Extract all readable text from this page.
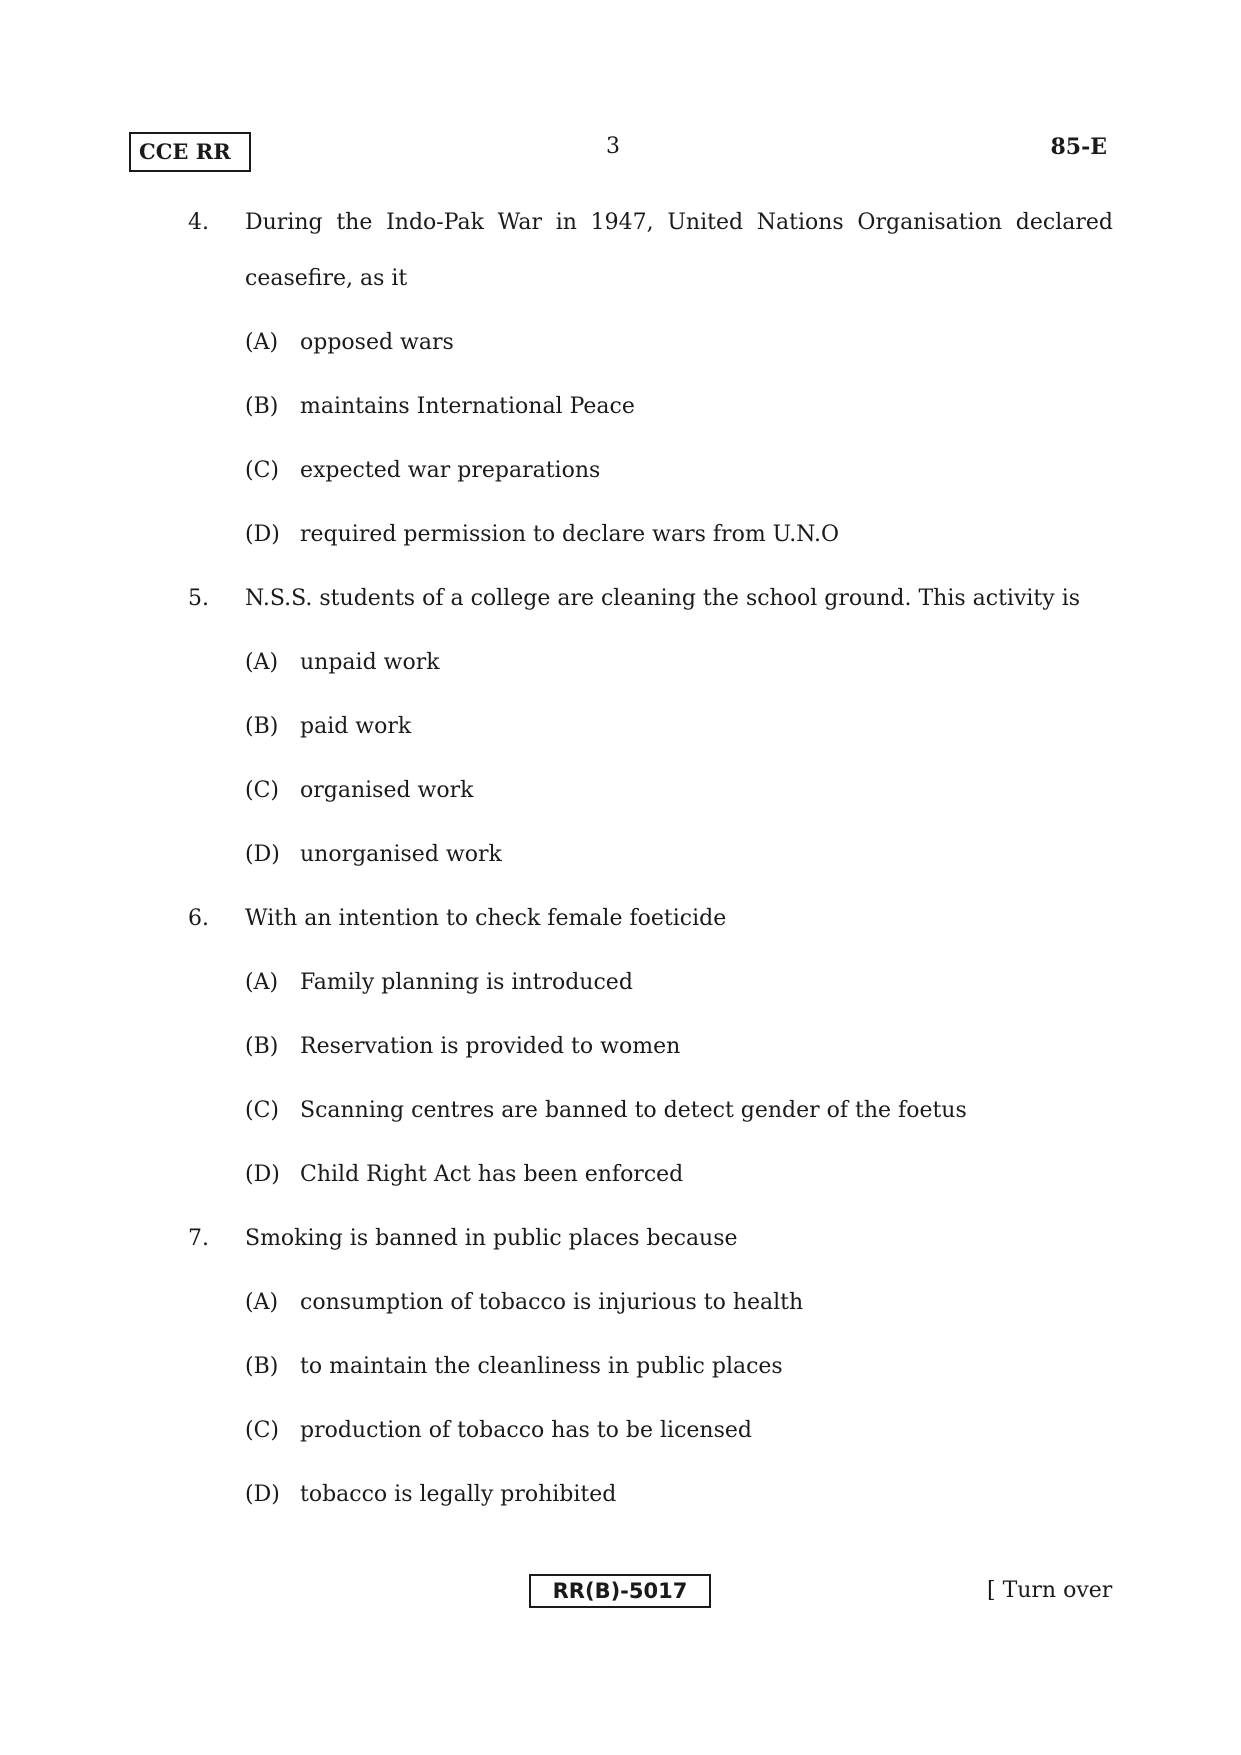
CCE RR	3	85-E
4. During the Indo-Pak War in 1947, United Nations Organisation declared
ceasefire, as it
(A) opposed wars
(B) maintains International Peace
(C) expected war preparations
(D) required permission to declare wars from U.N.O
5. N.S.S. students of a college are cleaning the school ground. This activity is
(A) unpaid work
(B) paid work
(C) organised work
(D) unorganised work
6. With an intention to check female foeticide
(A) Family planning is introduced
(B) Reservation is provided to women
(C) Scanning centres are banned to detect gender of the foetus
(D) Child Right Act has been enforced
7. Smoking is banned in public places because
(A) consumption of tobacco is injurious to health
(B) to maintain the cleanliness in public places
(C) production of tobacco has to be licensed
(D) tobacco is legally prohibited
RR(B)-5017	[ Turn over
